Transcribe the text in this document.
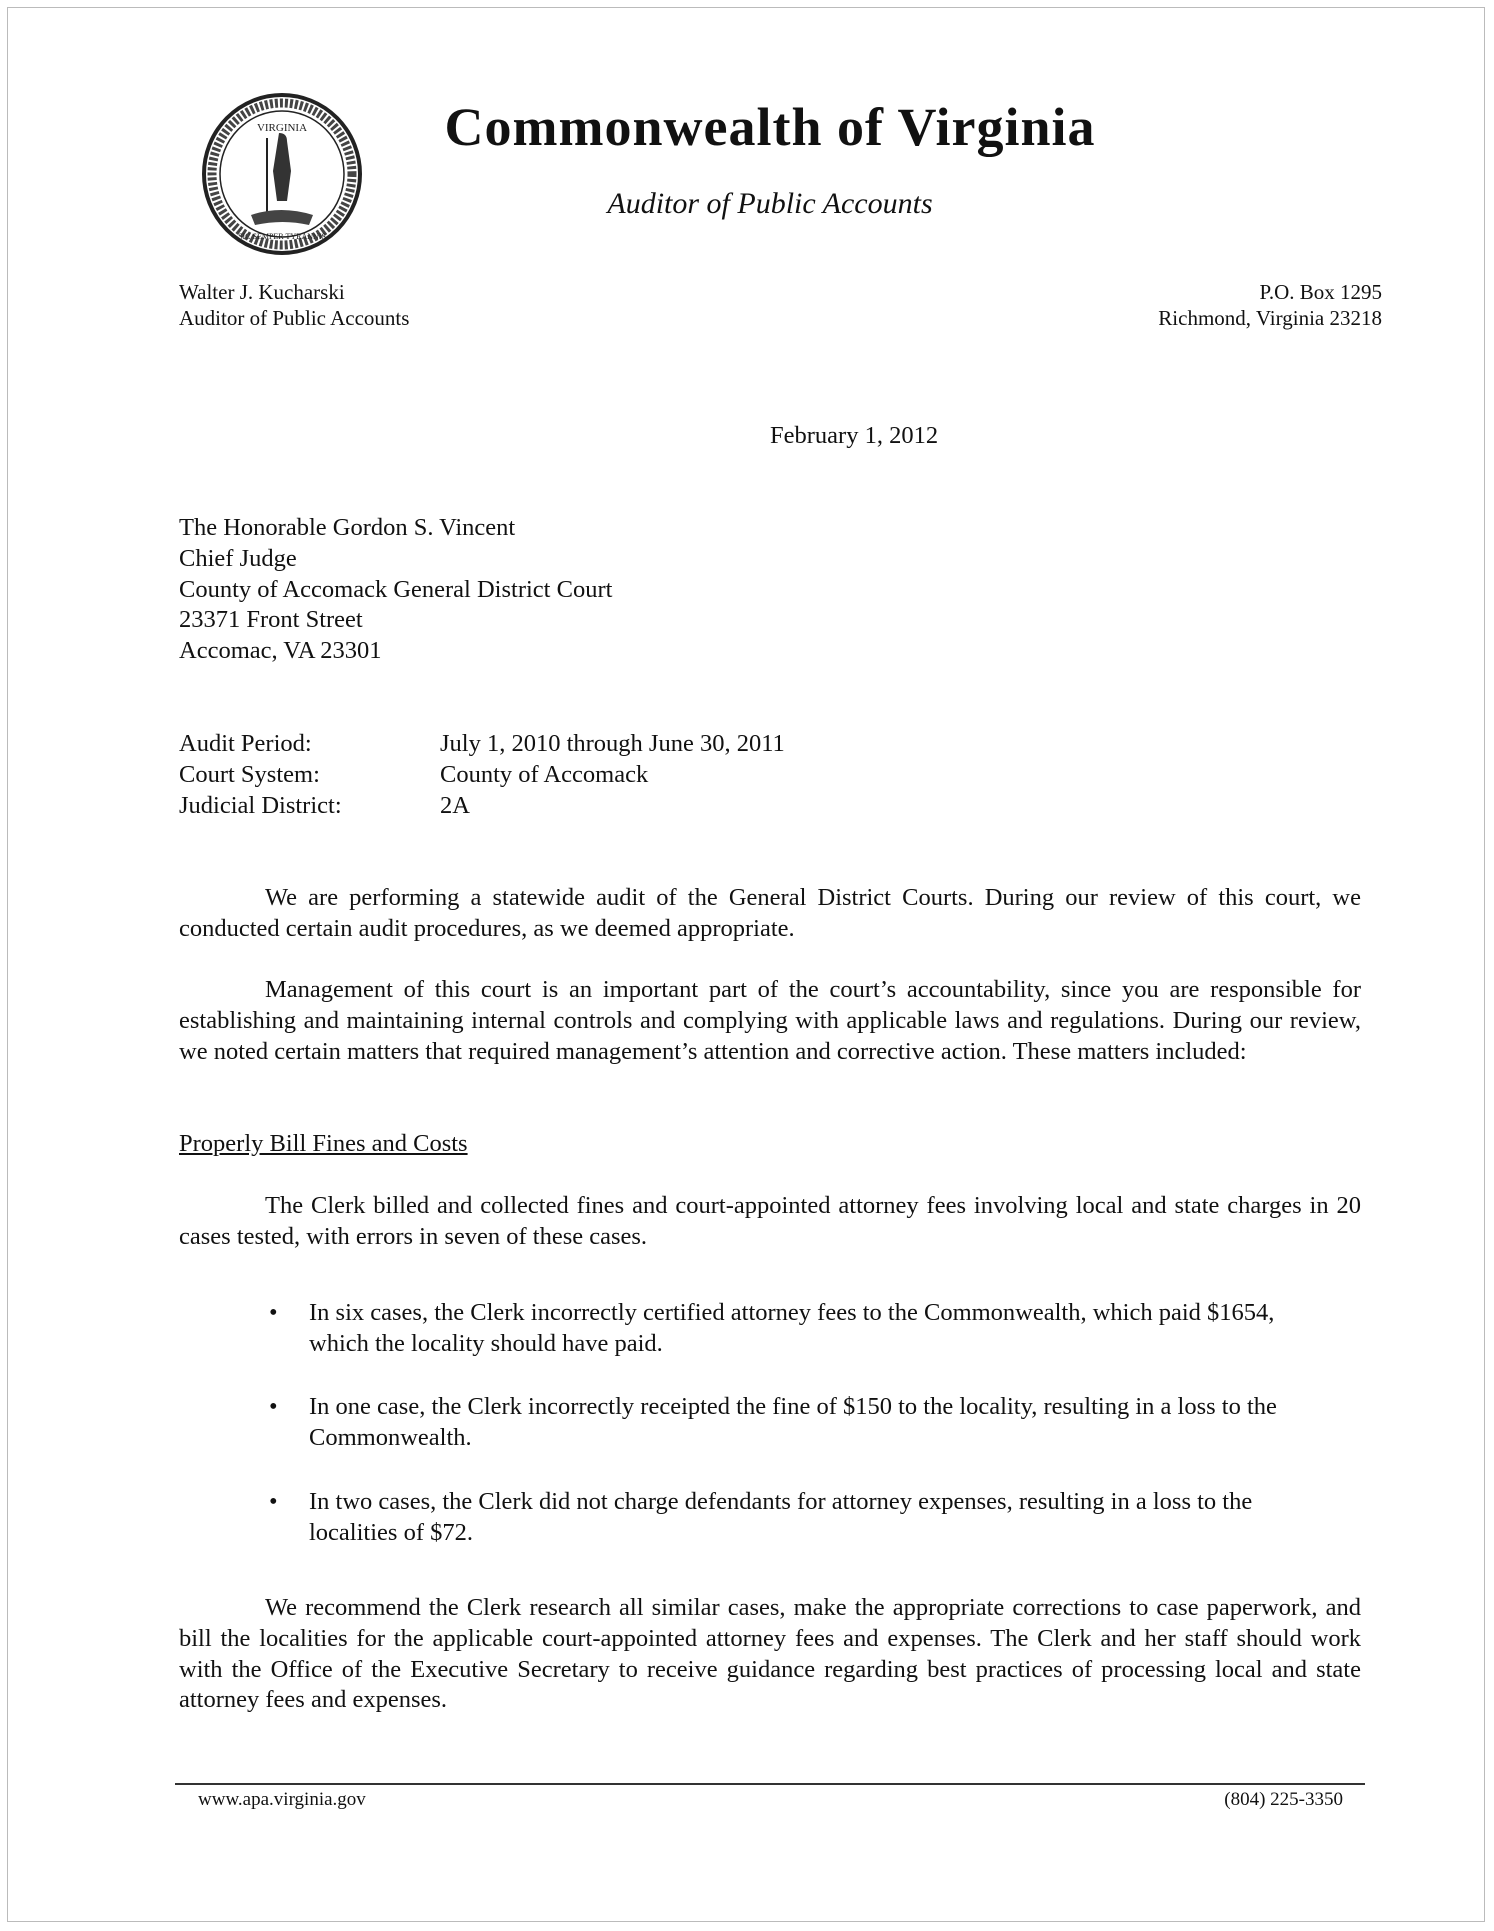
VIRGINIA
SIC SEMPER TYRANNIS
Commonwealth of Virginia
Auditor of Public Accounts
Walter J. Kucharski
Auditor of Public Accounts
P.O. Box 1295
Richmond, Virginia 23218
February 1, 2012
The Honorable Gordon S. Vincent
Chief Judge
County of Accomack General District Court
23371 Front Street
Accomac, VA 23301
Audit Period:	July 1, 2010 through June 30, 2011
Court System:	County of Accomack
Judicial District:	2A
We are performing a statewide audit of the General District Courts. During our review of this court, we conducted certain audit procedures, as we deemed appropriate.
Management of this court is an important part of the court’s accountability, since you are responsible for establishing and maintaining internal controls and complying with applicable laws and regulations. During our review, we noted certain matters that required management’s attention and corrective action. These matters included:
Properly Bill Fines and Costs
The Clerk billed and collected fines and court-appointed attorney fees involving local and state charges in 20 cases tested, with errors in seven of these cases.
• In six cases, the Clerk incorrectly certified attorney fees to the Commonwealth, which paid $1654, which the locality should have paid.
• In one case, the Clerk incorrectly receipted the fine of $150 to the locality, resulting in a loss to the Commonwealth.
• In two cases, the Clerk did not charge defendants for attorney expenses, resulting in a loss to the localities of $72.
We recommend the Clerk research all similar cases, make the appropriate corrections to case paperwork, and bill the localities for the applicable court-appointed attorney fees and expenses. The Clerk and her staff should work with the Office of the Executive Secretary to receive guidance regarding best practices of processing local and state attorney fees and expenses.
www.apa.virginia.gov	(804) 225-3350
